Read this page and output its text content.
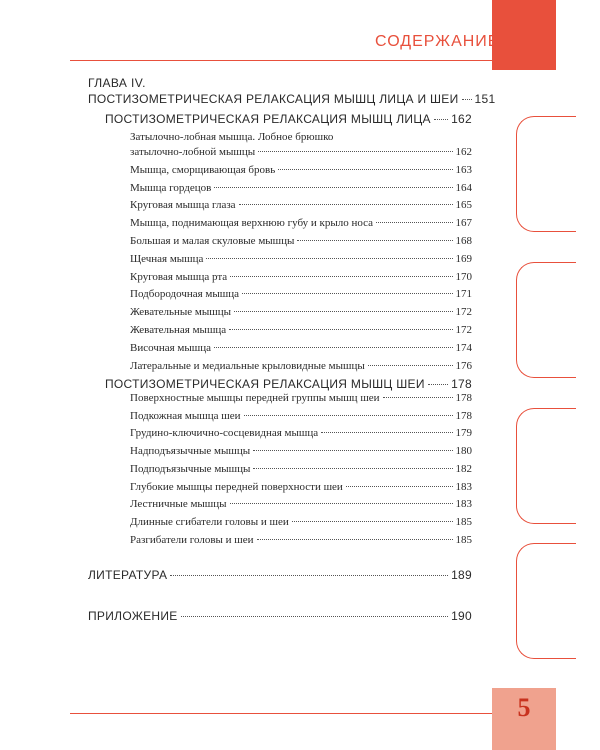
СОДЕРЖАНИЕ
ГЛАВА IV.
ПОСТИЗОМЕТРИЧЕСКАЯ РЕЛАКСАЦИЯ МЫШЦ ЛИЦА И ШЕИ 151
ПОСТИЗОМЕТРИЧЕСКАЯ РЕЛАКСАЦИЯ МЫШЦ ЛИЦА 162
Затылочно-лобная мышца. Лобное брюшко
затылочно-лобной мышцы	162
Мышца, сморщивающая бровь	163
Мышца гордецов	164
Круговая мышца глаза	165
Мышца, поднимающая верхнюю губу и крыло носа	167
Большая и малая скуловые мышцы	168
Щечная мышца	169
Круговая мышца рта	170
Подбородочная мышца	171
Жевательные мышцы	172
Жевательная мышца	172
Височная мышца	174
Латеральные и медиальные крыловидные мышцы	176
ПОСТИЗОМЕТРИЧЕСКАЯ РЕЛАКСАЦИЯ МЫШЦ ШЕИ 178
Поверхностные мышцы передней группы мышц шеи	178
Подкожная мышца шеи	178
Грудино-ключично-сосцевидная мышца	179
Надподъязычные мышцы	180
Подподъязычные мышцы	182
Глубокие мышцы передней поверхности шеи	183
Лестничные мышцы	183
Длинные сгибатели головы и шеи	185
Разгибатели головы и шеи	185
ЛИТЕРАТУРА	189
ПРИЛОЖЕНИЕ	190
5
